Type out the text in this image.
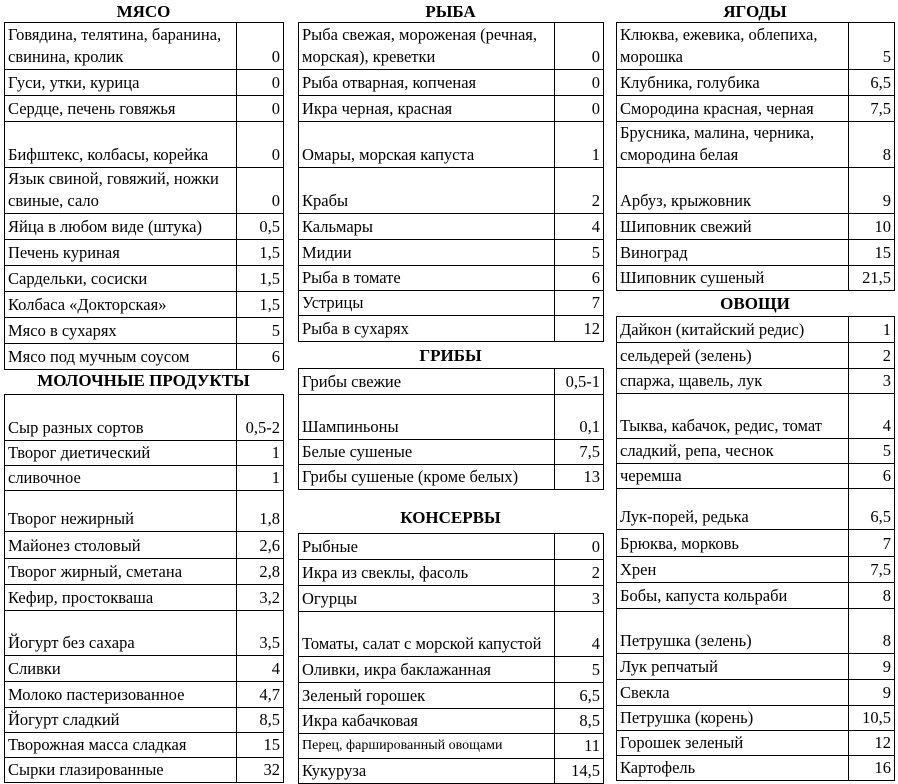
МЯСО
Говядина, телятина, баранина, свинина, кролик	0
Гуси, утки, курица	0
Сердце, печень говяжья	0
Бифштекс, колбасы, корейка	0
Язык свиной, говяжий, ножки свиные, сало	0
Яйца в любом виде (штука)	0,5
Печень куриная	1,5
Сардельки, сосиски	1,5
Колбаса «Докторская»	1,5
Мясо в сухарях	5
Мясо под мучным соусом	6
МОЛОЧНЫЕ ПРОДУКТЫ
Сыр разных сортов	0,5-2
Творог диетический	1
сливочное	1
Творог нежирный	1,8
Майонез столовый	2,6
Творог жирный, сметана	2,8
Кефир, простокваша	3,2
Йогурт без сахара	3,5
Сливки	4
Молоко пастеризованное	4,7
Йогурт сладкий	8,5
Творожная масса сладкая	15
Сырки глазированные	32
РЫБА
Рыба свежая, мороженая (речная, морская), креветки	0
Рыба отварная, копченая	0
Икра черная, красная	0
Омары, морская капуста	1
Крабы	2
Кальмары	4
Мидии	5
Рыба в томате	6
Устрицы	7
Рыба в сухарях	12
ГРИБЫ
Грибы свежие	0,5-1
Шампиньоны	0,1
Белые сушеные	7,5
Грибы сушеные (кроме белых)	13
КОНСЕРВЫ
Рыбные	0
Икра из свеклы, фасоль	2
Огурцы	3
Томаты, салат с морской капустой	4
Оливки, икра баклажанная	5
Зеленый горошек	6,5
Икра кабачковая	8,5
Перец, фаршированный овощами	11
Кукуруза	14,5
ЯГОДЫ
Клюква, ежевика, облепиха, морошка	5
Клубника, голубика	6,5
Смородина красная, черная	7,5
Брусника, малина, черника, смородина белая	8
Арбуз, крыжовник	9
Шиповник свежий	10
Виноград	15
Шиповник сушеный	21,5
ОВОЩИ
Дайкон (китайский редис)	1
сельдерей (зелень)	2
спаржа, щавель, лук	3
Тыква, кабачок, редис, томат	4
сладкий, репа, чеснок	5
черемша	6
Лук-порей, редька	6,5
Брюква, морковь	7
Хрен	7,5
Бобы, капуста кольраби	8
Петрушка (зелень)	8
Лук репчатый	9
Свекла	9
Петрушка (корень)	10,5
Горошек зеленый	12
Картофель	16
